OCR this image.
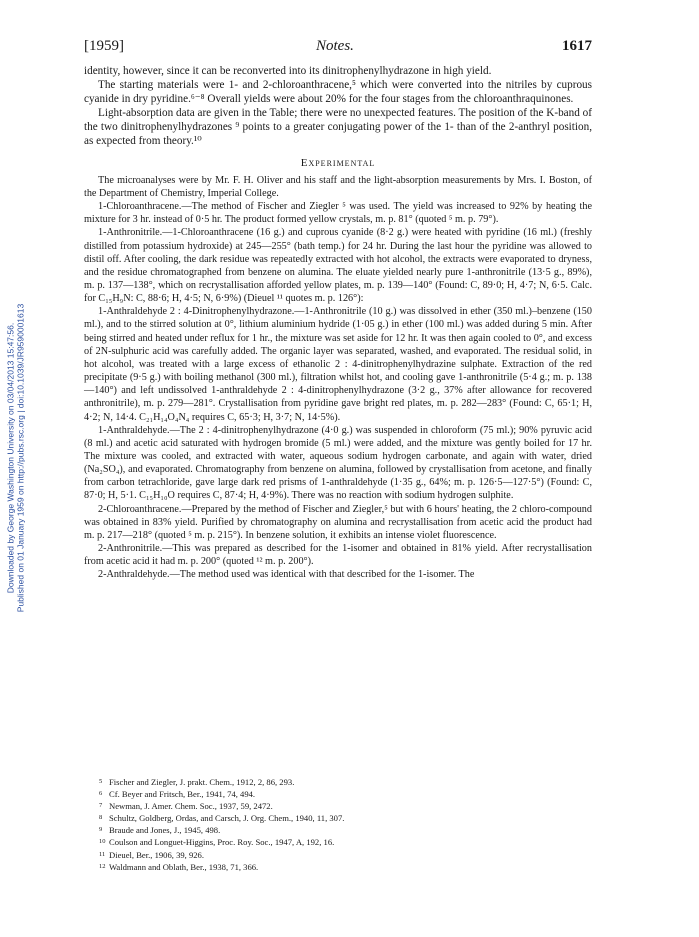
Downloaded by George Washington University on 03/04/2013 15:47:56. Published on 01 January 1959 on http://pubs.rsc.org | doi:10.1039/JR9590001613
[1959]	Notes.	1617

identity, however, since it can be reconverted into its dinitrophenylhydrazone in high yield.

The starting materials were 1- and 2-chloroanthracene,⁵ which were converted into the nitriles by cuprous cyanide in dry pyridine.⁶⁻⁸ Overall yields were about 20% for the four stages from the chloroanthraquinones.

Light-absorption data are given in the Table; there were no unexpected features. The position of the K-band of the two dinitrophenylhydrazones ⁹ points to a greater conjugating power of the 1- than of the 2-anthryl position, as expected from theory.¹⁰

Experimental

The microanalyses were by Mr. F. H. Oliver and his staff and the light-absorption measurements by Mrs. I. Boston, of the Department of Chemistry, Imperial College.

1-Chloroanthracene.—The method of Fischer and Ziegler ⁵ was used. The yield was increased to 92% by heating the mixture for 3 hr. instead of 0·5 hr. The product formed yellow crystals, m. p. 81° (quoted ⁵ m. p. 79°).

1-Anthronitrile.—1-Chloroanthracene (16 g.) and cuprous cyanide (8·2 g.) were heated with pyridine (16 ml.) (freshly distilled from potassium hydroxide) at 245—255° (bath temp.) for 24 hr. During the last hour the pyridine was allowed to distil off. After cooling, the dark residue was repeatedly extracted with hot alcohol, the extracts were evaporated to dryness, and the residue chromatographed from benzene on alumina. The eluate yielded nearly pure 1-anthronitrile (13·5 g., 89%), m. p. 137—138°, which on recrystallisation afforded yellow plates, m. p. 139—140° (Found: C, 89·0; H, 4·7; N, 6·5. Calc. for C₁₅H₉N: C, 88·6; H, 4·5; N, 6·9%) (Dieuel ¹¹ quotes m. p. 126°):

1-Anthraldehyde 2 : 4-Dinitrophenylhydrazone.—1-Anthronitrile (10 g.) was dissolved in ether (350 ml.)–benzene (150 ml.), and to the stirred solution at 0°, lithium aluminium hydride (1·05 g.) in ether (100 ml.) was added during 5 min. After being stirred and heated under reflux for 1 hr., the mixture was set aside for 12 hr. It was then again cooled to 0°, and excess of 2N-sulphuric acid was carefully added. The organic layer was separated, washed, and evaporated. The residual solid, in hot alcohol, was treated with a large excess of ethanolic 2 : 4-dinitrophenylhydrazine sulphate. Extraction of the red precipitate (9·5 g.) with boiling methanol (300 ml.), filtration whilst hot, and cooling gave 1-anthronitrile (5·4 g.; m. p. 138—140°) and left undissolved 1-anthraldehyde 2 : 4-dinitrophenylhydrazone (3·2 g., 37% after allowance for recovered anthronitrile), m. p. 279—281°. Crystallisation from pyridine gave bright red plates, m. p. 282—283° (Found: C, 65·1; H, 4·2; N, 14·4. C₂₁H₁₄O₄N₄ requires C, 65·3; H, 3·7; N, 14·5%).

1-Anthraldehyde.—The 2 : 4-dinitrophenylhydrazone (4·0 g.) was suspended in chloroform (75 ml.); 90% pyruvic acid (8 ml.) and acetic acid saturated with hydrogen bromide (5 ml.) were added, and the mixture was gently boiled for 17 hr. The mixture was cooled, and extracted with water, aqueous sodium hydrogen carbonate, and again with water, dried (Na₂SO₄), and evaporated. Chromatography from benzene on alumina, followed by crystallisation from acetone, and finally from carbon tetrachloride, gave large dark red prisms of 1-anthraldehyde (1·35 g., 64%; m. p. 126·5—127·5°) (Found: C, 87·0; H, 5·1. C₁₅H₁₀O requires C, 87·4; H, 4·9%). There was no reaction with sodium hydrogen sulphite.

2-Chloroanthracene.—Prepared by the method of Fischer and Ziegler,⁵ but with 6 hours' heating, the 2 chloro-compound was obtained in 83% yield. Purified by chromatography on alumina and recrystallisation from acetic acid the product had m. p. 217—218° (quoted ⁵ m. p. 215°). In benzene solution, it exhibits an intense violet fluorescence.

2-Anthronitrile.—This was prepared as described for the 1-isomer and obtained in 81% yield. After recrystallisation from acetic acid it had m. p. 200° (quoted ¹² m. p. 200°).

2-Anthraldehyde.—The method used was identical with that described for the 1-isomer. The

5 Fischer and Ziegler, J. prakt. Chem., 1912, 2, 86, 293.
6 Cf. Beyer and Fritsch, Ber., 1941, 74, 494.
7 Newman, J. Amer. Chem. Soc., 1937, 59, 2472.
8 Schultz, Goldberg, Ordas, and Carsch, J. Org. Chem., 1940, 11, 307.
9 Braude and Jones, J., 1945, 498.
10 Coulson and Longuet-Higgins, Proc. Roy. Soc., 1947, A, 192, 16.
11 Dieuel, Ber., 1906, 39, 926.
12 Waldmann and Oblath, Ber., 1938, 71, 366.
